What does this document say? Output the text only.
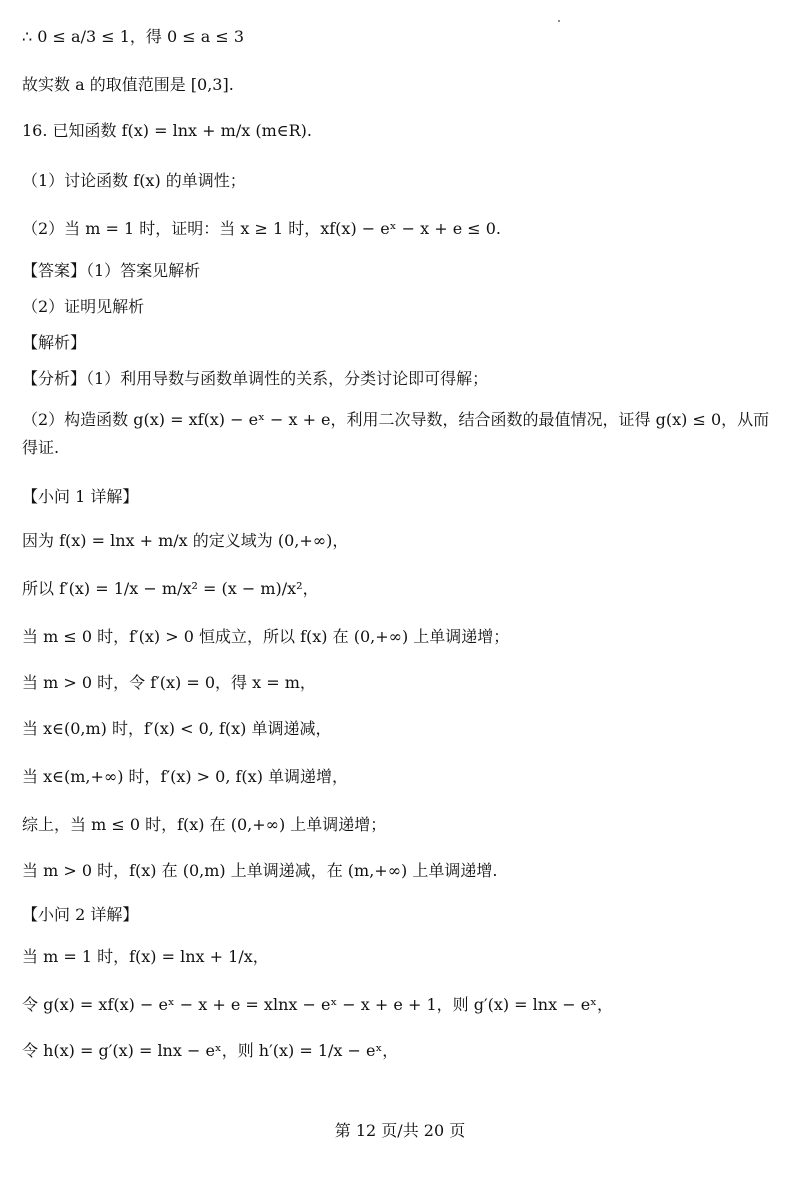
∴ 0 ≤ a/3 ≤ 1，得 0 ≤ a ≤ 3
故实数 a 的取值范围是 [0,3].
16. 已知函数 f(x) = lnx + m/x (m∈R).
（1）讨论函数 f(x) 的单调性；
（2）当 m = 1 时，证明：当 x ≥ 1 时，xf(x) − eˣ − x + e ≤ 0.
【答案】（1）答案见解析
（2）证明见解析
【解析】
【分析】（1）利用导数与函数单调性的关系，分类讨论即可得解；
（2）构造函数 g(x) = xf(x) − eˣ − x + e，利用二次导数，结合函数的最值情况，证得 g(x) ≤ 0，从而得证.
【小问 1 详解】
因为 f(x) = lnx + m/x 的定义域为 (0,+∞)，
所以 f′(x) = 1/x − m/x² = (x − m)/x²，
当 m ≤ 0 时，f′(x) > 0 恒成立，所以 f(x) 在 (0,+∞) 上单调递增；
当 m > 0 时，令 f′(x) = 0，得 x = m，
当 x∈(0,m) 时，f′(x) < 0, f(x) 单调递减，
当 x∈(m,+∞) 时，f′(x) > 0, f(x) 单调递增，
综上，当 m ≤ 0 时，f(x) 在 (0,+∞) 上单调递增；
当 m > 0 时，f(x) 在 (0,m) 上单调递减，在 (m,+∞) 上单调递增.
【小问 2 详解】
当 m = 1 时，f(x) = lnx + 1/x，
令 g(x) = xf(x) − eˣ − x + e = xlnx − eˣ − x + e + 1，则 g′(x) = lnx − eˣ，
令 h(x) = g′(x) = lnx − eˣ，则 h′(x) = 1/x − eˣ，
第 12 页/共 20 页
